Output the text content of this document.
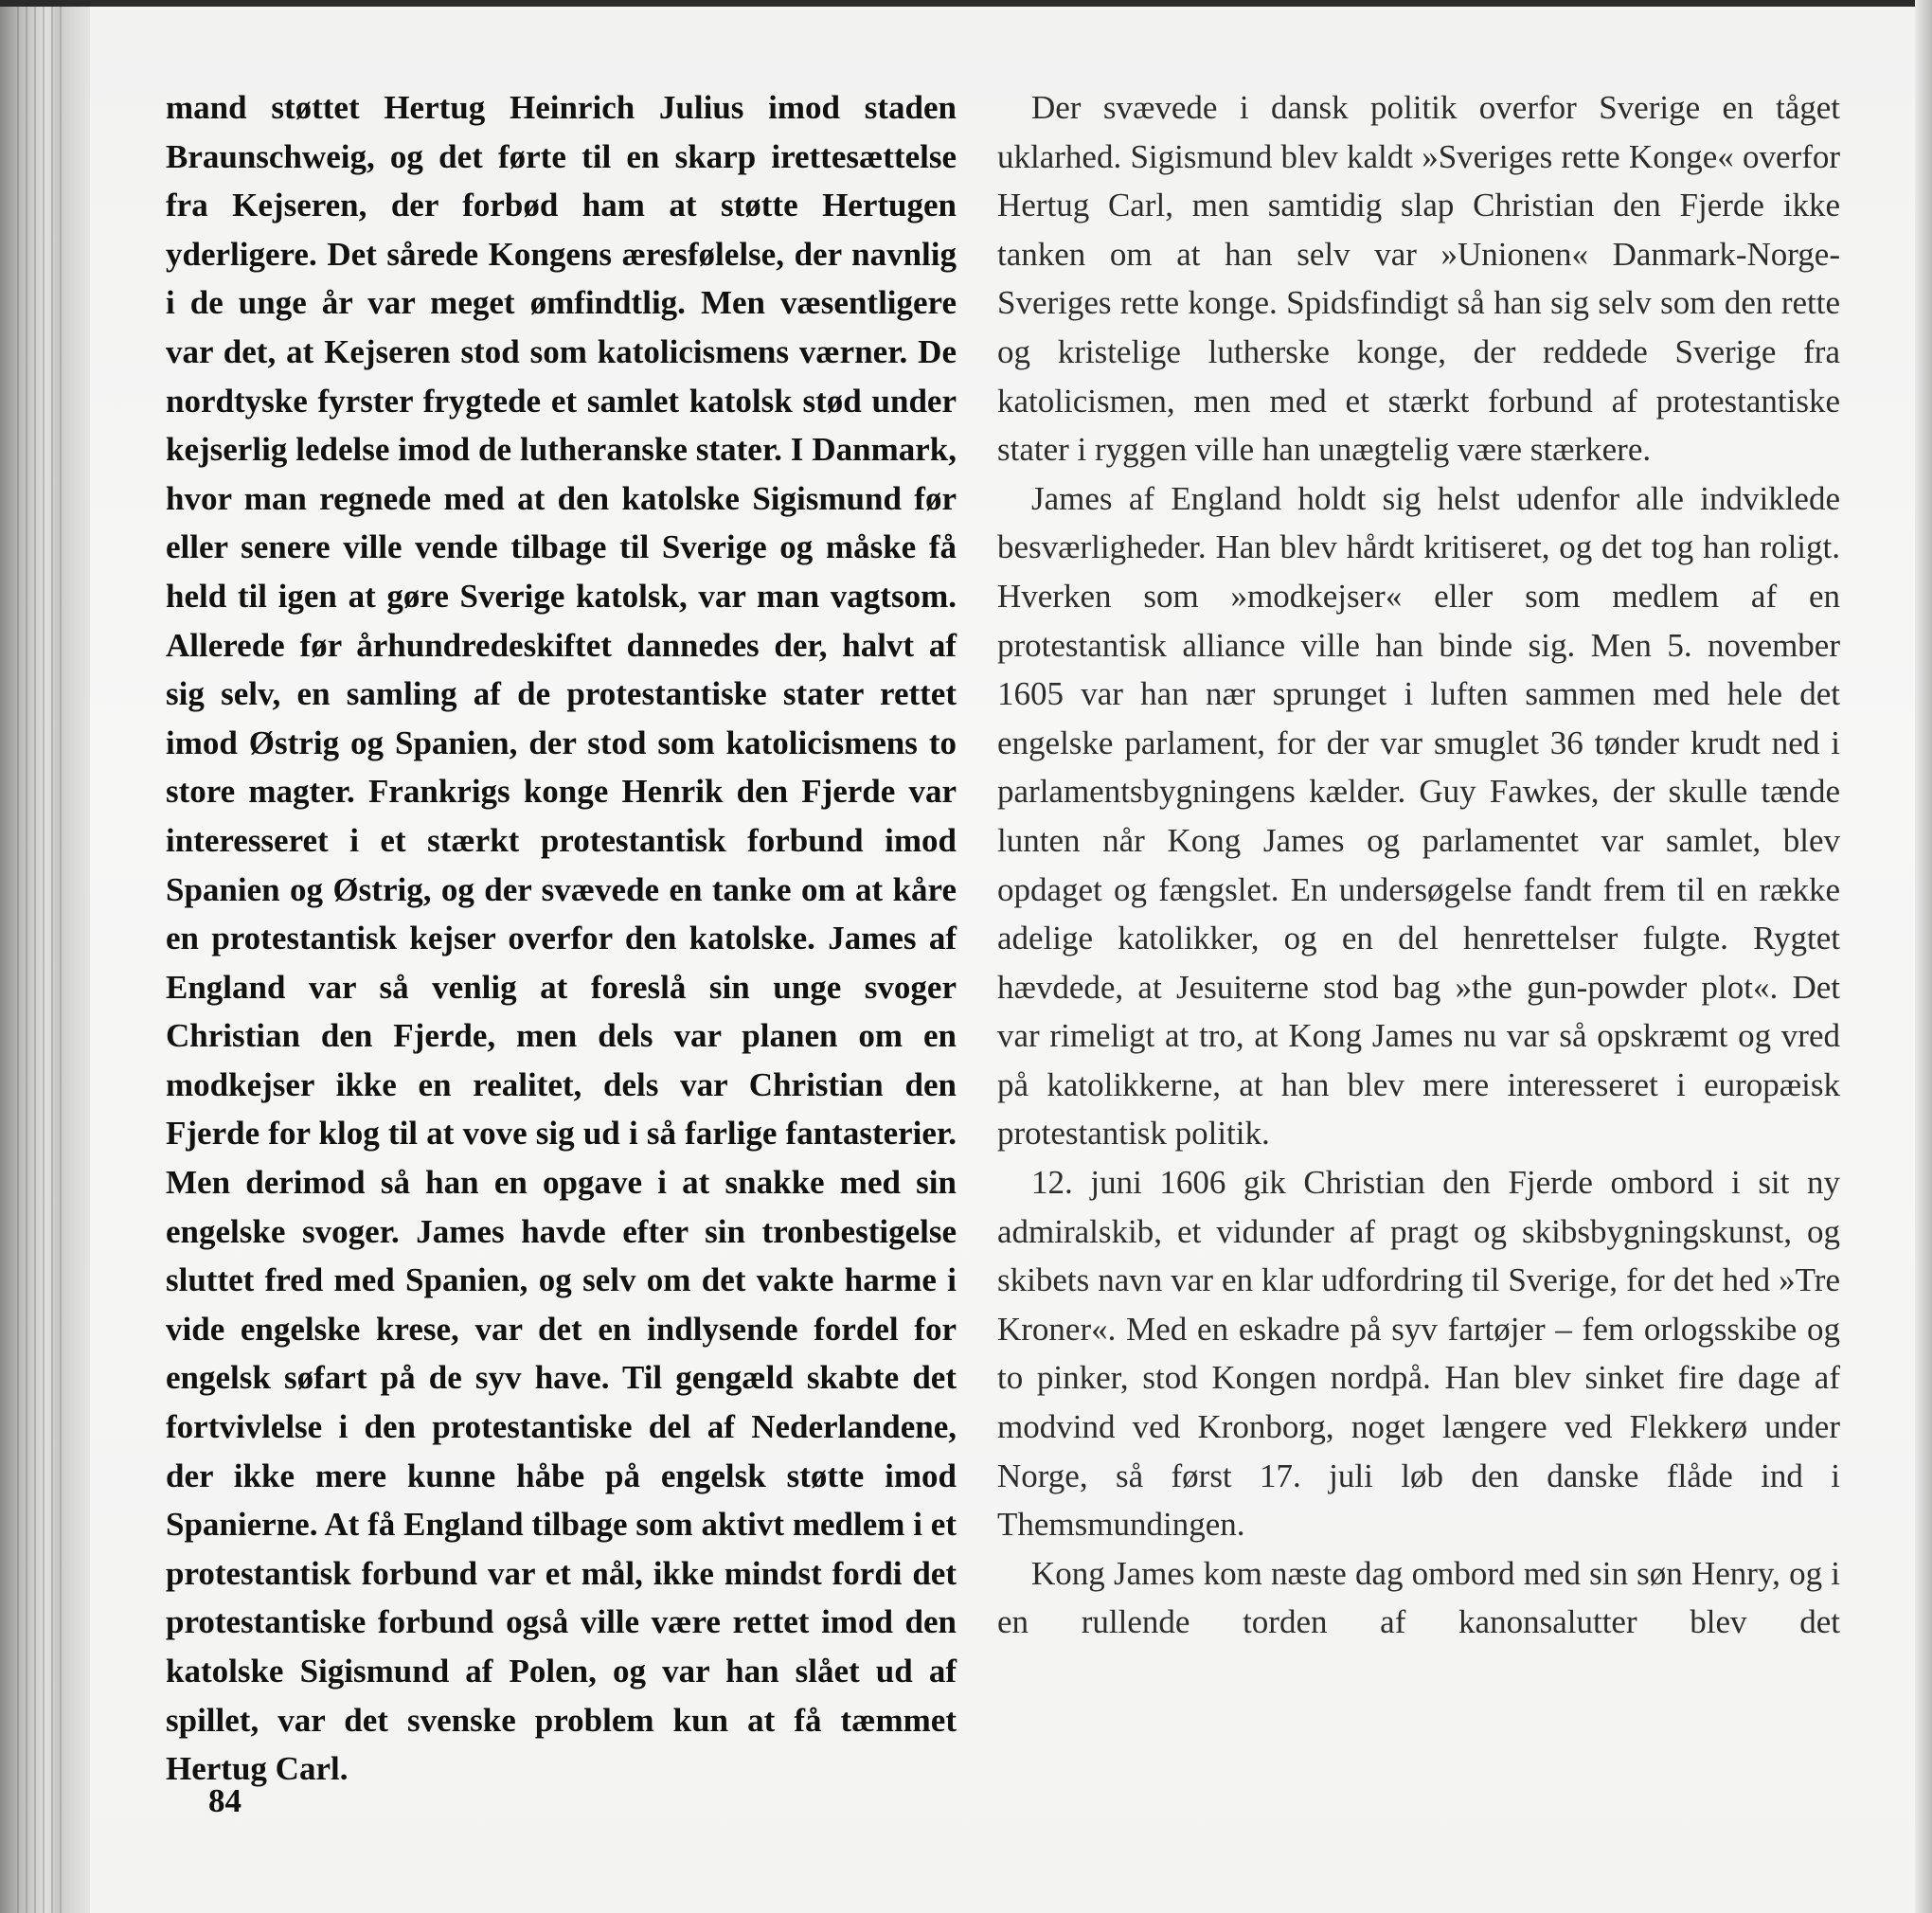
mand støttet Hertug Heinrich Julius imod staden Braunschweig, og det førte til en skarp irettesættelse fra Kejseren, der forbød ham at støtte Hertugen yderligere. Det sårede Kongens æresfølelse, der navnlig i de unge år var meget ømfindtlig. Men væsentligere var det, at Kejseren stod som katolicismens værner. De nordtyske fyrster frygtede et samlet katolsk stød under kejserlig ledelse imod de lutheranske stater. I Danmark, hvor man regnede med at den katolske Sigismund før eller senere ville vende tilbage til Sverige og måske få held til igen at gøre Sverige katolsk, var man vagtsom. Allerede før århundredeskiftet dannedes der, halvt af sig selv, en samling af de protestantiske stater rettet imod Østrig og Spanien, der stod som katolicismens to store magter. Frankrigs konge Henrik den Fjerde var interesseret i et stærkt protestantisk forbund imod Spanien og Østrig, og der svævede en tanke om at kåre en protestantisk kejser overfor den katolske. James af England var så venlig at foreslå sin unge svoger Christian den Fjerde, men dels var planen om en modkejser ikke en realitet, dels var Christian den Fjerde for klog til at vove sig ud i så farlige fantasterier. Men derimod så han en opgave i at snakke med sin engelske svoger. James havde efter sin tronbestigelse sluttet fred med Spanien, og selv om det vakte harme i vide engelske krese, var det en indlysende fordel for engelsk søfart på de syv have. Til gengæld skabte det fortvivlelse i den protestantiske del af Nederlandene, der ikke mere kunne håbe på engelsk støtte imod Spanierne. At få England tilbage som aktivt medlem i et protestantisk forbund var et mål, ikke mindst fordi det protestantiske forbund også ville være rettet imod den katolske Sigismund af Polen, og var han slået ud af spillet, var det svenske problem kun at få tæmmet Hertug Carl.

Der svævede i dansk politik overfor Sverige en tåget uklarhed. Sigismund blev kaldt »Sveriges rette Konge« overfor Hertug Carl, men samtidig slap Christian den Fjerde ikke tanken om at han selv var »Unionen« Danmark-Norge-Sveriges rette konge. Spidsfindigt så han sig selv som den rette og kristelige lutherske konge, der reddede Sverige fra katolicismen, men med et stærkt forbund af protestantiske stater i ryggen ville han unægtelig være stærkere.

James af England holdt sig helst udenfor alle indviklede besværligheder. Han blev hårdt kritiseret, og det tog han roligt. Hverken som »modkejser« eller som medlem af en protestantisk alliance ville han binde sig. Men 5. november 1605 var han nær sprunget i luften sammen med hele det engelske parlament, for der var smuglet 36 tønder krudt ned i parlamentsbygningens kælder. Guy Fawkes, der skulle tænde lunten når Kong James og parlamentet var samlet, blev opdaget og fængslet. En undersøgelse fandt frem til en række adelige katolikker, og en del henrettelser fulgte. Rygtet hævdede, at Jesuiterne stod bag »the gun-powder plot«. Det var rimeligt at tro, at Kong James nu var så opskræmt og vred på katolikkerne, at han blev mere interesseret i europæisk protestantisk politik.

12. juni 1606 gik Christian den Fjerde ombord i sit ny admiralskib, et vidunder af pragt og skibsbygningskunst, og skibets navn var en klar udfordring til Sverige, for det hed »Tre Kroner«. Med en eskadre på syv fartøjer – fem orlogsskibe og to pinker, stod Kongen nordpå. Han blev sinket fire dage af modvind ved Kronborg, noget længere ved Flekkerø under Norge, så først 17. juli løb den danske flåde ind i Themsmundingen.

Kong James kom næste dag ombord med sin søn Henry, og i en rullende torden af kanonsalutter blev det

84
